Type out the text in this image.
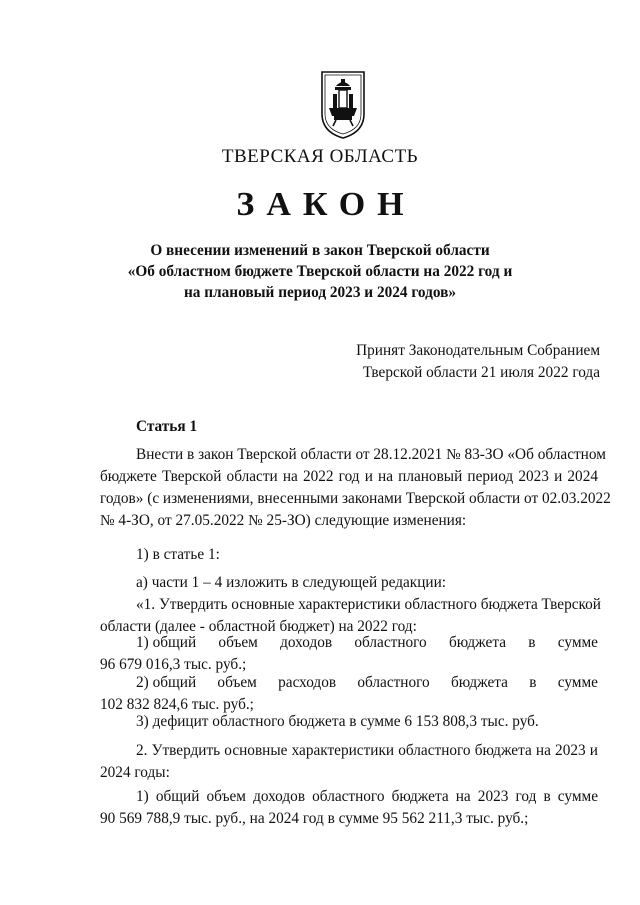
ТВЕРСКАЯ ОБЛАСТЬ
ЗАКОН
О внесении изменений в закон Тверской области
«Об областном бюджете Тверской области на 2022 год и
на плановый период 2023 и 2024 годов»
Принят Законодательным Собранием
Тверской области 21 июля 2022 года
Статья 1
Внести в закон Тверской области от 28.12.2021 № 83-ЗО «Об областном
бюджете Тверской области на 2022 год и на плановый период 2023 и 2024
годов» (с изменениями, внесенными законами Тверской области от 02.03.2022
№ 4-ЗО, от 27.05.2022 № 25-ЗО) следующие изменения:
1) в статье 1:
а) части 1 – 4 изложить в следующей редакции:
«1. Утвердить основные характеристики областного бюджета Тверской
области (далее - областной бюджет) на 2022 год:
1) общий объем доходов областного бюджета в сумме
96 679 016,3 тыс. руб.;
2) общий объем расходов областного бюджета в сумме
102 832 824,6 тыс. руб.;
3) дефицит областного бюджета в сумме 6 153 808,3 тыс. руб.
2. Утвердить основные характеристики областного бюджета на 2023 и
2024 годы:
1) общий объем доходов областного бюджета на 2023 год в сумме
90 569 788,9 тыс. руб., на 2024 год в сумме 95 562 211,3 тыс. руб.;
